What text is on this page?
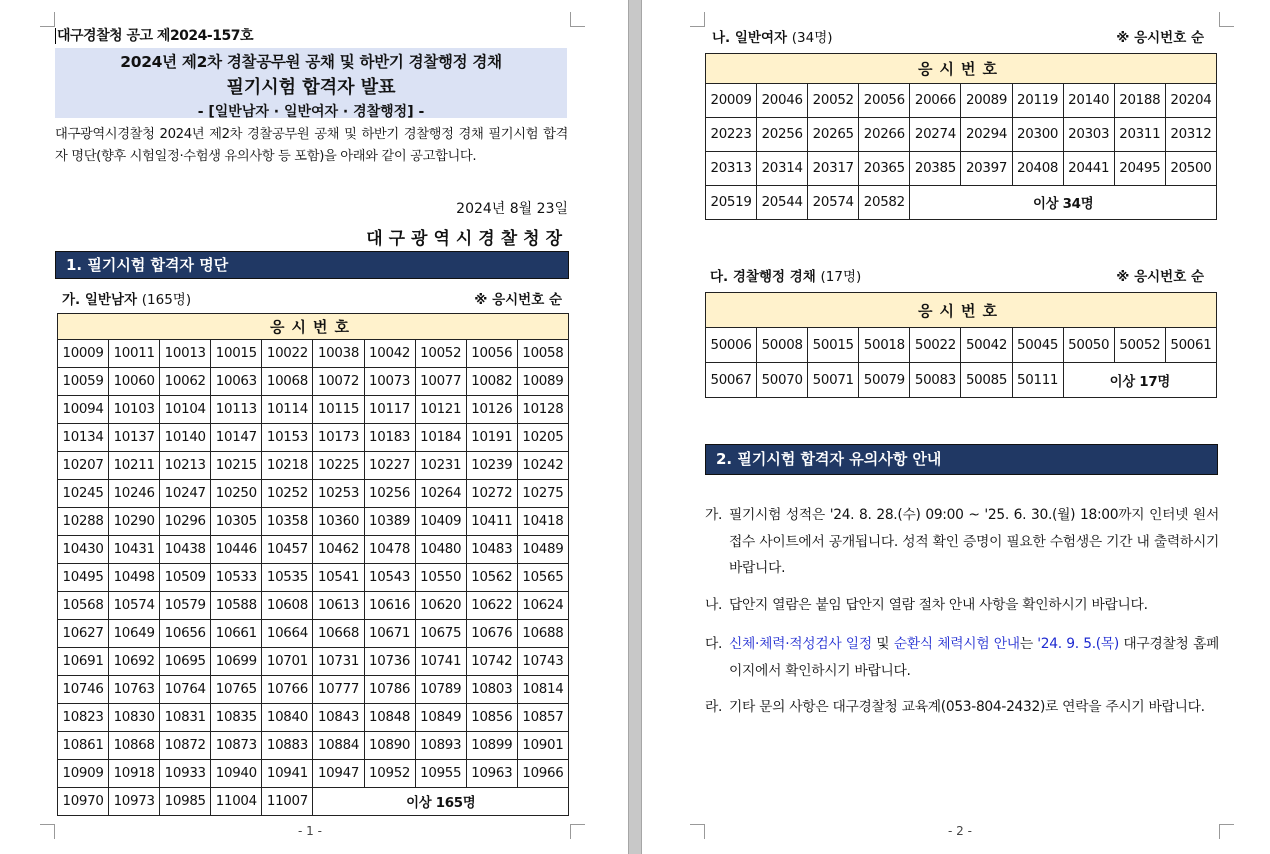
대구경찰청 공고 제2024-157호
2024년 제2차 경찰공무원 공채 및 하반기 경찰행정 경채
필기시험 합격자 발표
- [일반남자 · 일반여자 · 경찰행정] -
대구광역시경찰청 2024년 제2차 경찰공무원 공채 및 하반기 경찰행정 경채 필기시험 합격자 명단(향후 시험일정·수험생 유의사항 등 포함)을 아래와 같이 공고합니다.
2024년 8월 23일
대구광역시경찰청장
1. 필기시험 합격자 명단
가. 일반남자 (165명)	※ 응시번호 순
응시번호									
10009	10011	10013	10015	10022	10038	10042	10052	10056	10058
10059	10060	10062	10063	10068	10072	10073	10077	10082	10089
10094	10103	10104	10113	10114	10115	10117	10121	10126	10128
10134	10137	10140	10147	10153	10173	10183	10184	10191	10205
10207	10211	10213	10215	10218	10225	10227	10231	10239	10242
10245	10246	10247	10250	10252	10253	10256	10264	10272	10275
10288	10290	10296	10305	10358	10360	10389	10409	10411	10418
10430	10431	10438	10446	10457	10462	10478	10480	10483	10489
10495	10498	10509	10533	10535	10541	10543	10550	10562	10565
10568	10574	10579	10588	10608	10613	10616	10620	10622	10624
10627	10649	10656	10661	10664	10668	10671	10675	10676	10688
10691	10692	10695	10699	10701	10731	10736	10741	10742	10743
10746	10763	10764	10765	10766	10777	10786	10789	10803	10814
10823	10830	10831	10835	10840	10843	10848	10849	10856	10857
10861	10868	10872	10873	10883	10884	10890	10893	10899	10901
10909	10918	10933	10940	10941	10947	10952	10955	10963	10966
10970	10973	10985	11004	11007	이상 165명				
- 1 -
나. 일반여자 (34명)	※ 응시번호 순
응시번호									
20009	20046	20052	20056	20066	20089	20119	20140	20188	20204
20223	20256	20265	20266	20274	20294	20300	20303	20311	20312
20313	20314	20317	20365	20385	20397	20408	20441	20495	20500
20519	20544	20574	20582	이상 34명					
다. 경찰행정 경채 (17명)	※ 응시번호 순
응시번호									
50006	50008	50015	50018	50022	50042	50045	50050	50052	50061
50067	50070	50071	50079	50083	50085	50111	이상 17명		
2. 필기시험 합격자 유의사항 안내
가. 필기시험 성적은 '24. 8. 28.(수) 09:00 ~ '25. 6. 30.(월) 18:00까지 인터넷 원서접수 사이트에서 공개됩니다. 성적 확인 증명이 필요한 수험생은 기간 내 출력하시기 바랍니다.
나. 답안지 열람은 붙임 답안지 열람 절차 안내 사항을 확인하시기 바랍니다.
다. 신체·체력·적성검사 일정 및 순환식 체력시험 안내는 '24. 9. 5.(목) 대구경찰청 홈페이지에서 확인하시기 바랍니다.
라. 기타 문의 사항은 대구경찰청 교육계(053-804-2432)로 연락을 주시기 바랍니다.
- 2 -
